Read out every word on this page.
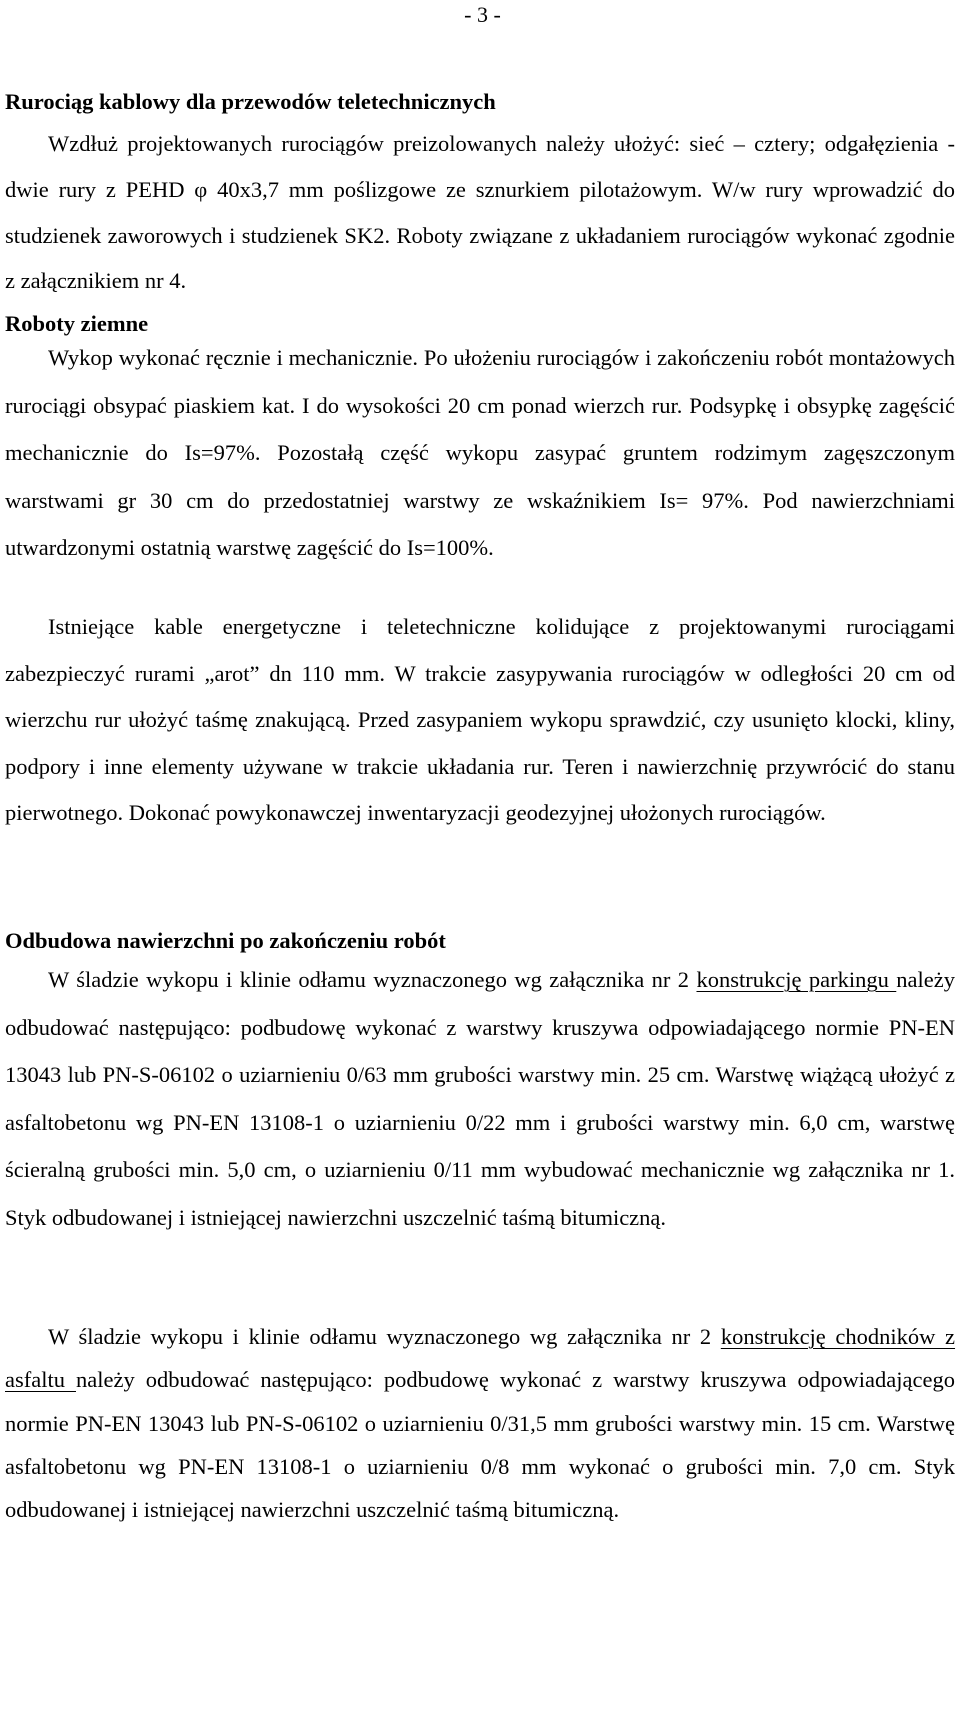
- 3 -
Rurociąg kablowy dla przewodów teletechnicznych

Wzdłuż projektowanych rurociągów preizolowanych należy ułożyć: sieć – cztery; odgałęzienia - dwie rury z PEHD φ 40x3,7 mm poślizgowe ze sznurkiem pilotażowym. W/w rury wprowadzić do studzienek zaworowych i studzienek SK2. Roboty związane z układaniem rurociągów wykonać zgodnie z załącznikiem nr 4.

Roboty ziemne

Wykop wykonać ręcznie i mechanicznie. Po ułożeniu rurociągów i zakończeniu robót montażowych rurociągi obsypać piaskiem kat. I do wysokości 20 cm ponad wierzch rur. Podsypkę i obsypkę zagęścić mechanicznie do Is=97%. Pozostałą część wykopu zasypać gruntem rodzimym zagęszczonym warstwami gr 30 cm do przedostatniej warstwy ze wskaźnikiem Is= 97%. Pod nawierzchniami utwardzonymi ostatnią warstwę zagęścić do Is=100%.

Istniejące kable energetyczne i teletechniczne kolidujące z projektowanymi rurociągami zabezpieczyć rurami „arot” dn 110 mm. W trakcie zasypywania rurociągów w odległości 20 cm od wierzchu rur ułożyć taśmę znakującą. Przed zasypaniem wykopu sprawdzić, czy usunięto klocki, kliny, podpory i inne elementy używane w trakcie układania rur. Teren i nawierzchnię przywrócić do stanu pierwotnego. Dokonać powykonawczej inwentaryzacji geodezyjnej ułożonych rurociągów.

Odbudowa nawierzchni po zakończeniu robót

W śladzie wykopu i klinie odłamu wyznaczonego wg załącznika nr 2 konstrukcję parkingu należy odbudować następująco: podbudowę wykonać z warstwy kruszywa odpowiadającego normie PN-EN 13043 lub PN-S-06102 o uziarnieniu 0/63 mm grubości warstwy min. 25 cm. Warstwę wiążącą ułożyć z asfaltobetonu wg PN-EN 13108-1 o uziarnieniu 0/22 mm i grubości warstwy min. 6,0 cm, warstwę ścieralną grubości min. 5,0 cm, o uziarnieniu 0/11 mm wybudować mechanicznie wg załącznika nr 1. Styk odbudowanej i istniejącej nawierzchni uszczelnić taśmą bitumiczną.

W śladzie wykopu i klinie odłamu wyznaczonego wg załącznika nr 2 konstrukcję chodników z asfaltu należy odbudować następująco: podbudowę wykonać z warstwy kruszywa odpowiadającego normie PN-EN 13043 lub PN-S-06102 o uziarnieniu 0/31,5 mm grubości warstwy min. 15 cm. Warstwę asfaltobetonu wg PN-EN 13108-1 o uziarnieniu 0/8 mm wykonać o grubości min. 7,0 cm. Styk odbudowanej i istniejącej nawierzchni uszczelnić taśmą bitumiczną.
